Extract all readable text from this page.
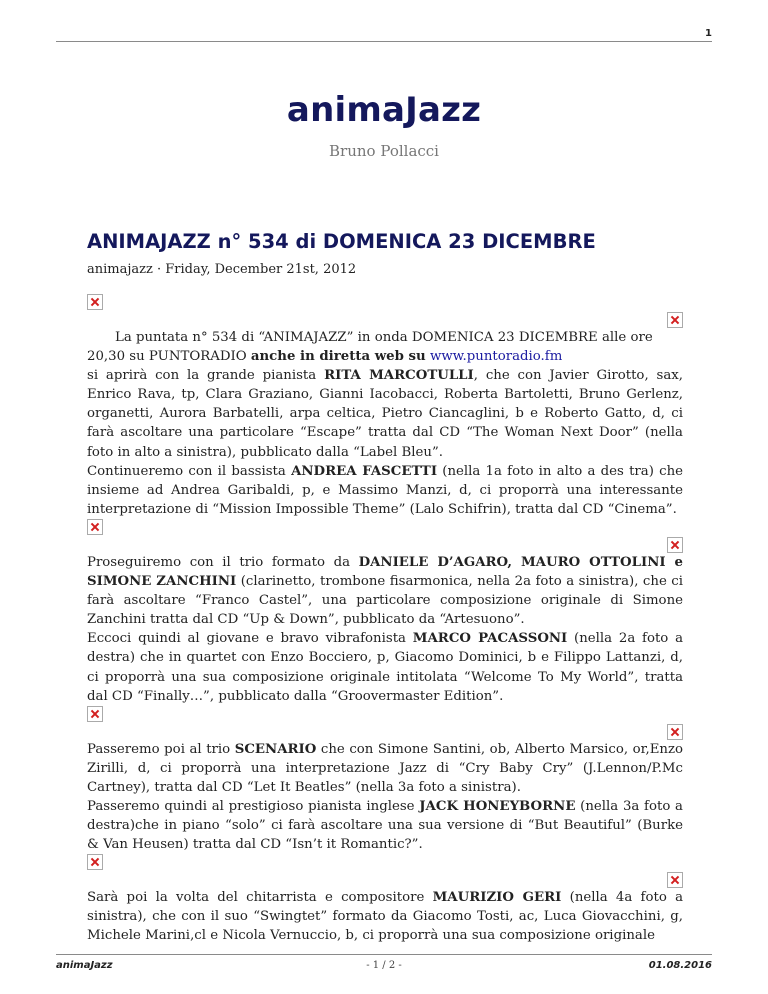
1
animaJazz
Bruno Pollacci
ANIMAJAZZ n° 534 di DOMENICA 23 DICEMBRE
animajazz · Friday, December 21st, 2012

La puntata n° 534 di “ANIMAJAZZ” in onda DOMENICA 23 DICEMBRE alle ore 20,30 su PUNTORADIO anche in diretta web su www.puntoradio.fm

si aprirà con la grande pianista RITA MARCOTULLI, che con Javier Girotto, sax, Enrico Rava, tp, Clara Graziano, Gianni Iacobacci, Roberta Bartoletti, Bruno Gerlenz, organetti, Aurora Barbatelli, arpa celtica, Pietro Ciancaglini, b e Roberto Gatto, d, ci farà ascoltare una particolare “Escape” tratta dal CD “The Woman Next Door” (nella foto in alto a sinistra), pubblicato dalla “Label Bleu”.

Continueremo con il bassista ANDREA FASCETTI (nella 1a foto in alto a des tra) che insieme ad Andrea Garibaldi, p, e Massimo Manzi, d, ci proporrà una interessante interpretazione di “Mission Impossible Theme” (Lalo Schifrin), tratta dal CD “Cinema”.

Proseguiremo con il trio formato da DANIELE D’AGARO, MAURO OTTOLINI e SIMONE ZANCHINI (clarinetto, trombone fisarmonica, nella 2a foto a sinistra), che ci farà ascoltare “Franco Castel”, una particolare composizione originale di Simone Zanchini tratta dal CD “Up & Down”, pubblicato da “Artesuono”.

Eccoci quindi al giovane e bravo vibrafonista MARCO PACASSONI (nella 2a foto a destra) che in quartet con Enzo Bocciero, p, Giacomo Dominici, b e Filippo Lattanzi, d, ci proporrà una sua composizione originale intitolata “Welcome To My World”, tratta dal CD “Finally…”, pubblicato dalla “Groovermaster Edition”.

Passeremo poi al trio SCENARIO che con Simone Santini, ob, Alberto Marsico, or,Enzo Zirilli, d, ci proporrà una interpretazione Jazz di “Cry Baby Cry” (J.Lennon/P.Mc Cartney), tratta dal CD “Let It Beatles” (nella 3a foto a sinistra).

Passeremo quindi al prestigioso pianista inglese JACK HONEYBORNE (nella 3a foto a destra)che in piano “solo” ci farà ascoltare una sua versione di “But Beautiful” (Burke & Van Heusen) tratta dal CD “Isn’t it Romantic?”.

Sarà poi la volta del chitarrista e compositore MAURIZIO GERI (nella 4a foto a sinistra), che con il suo “Swingtet” formato da Giacomo Tosti, ac, Luca Giovacchini, g, Michele Marini,cl e Nicola Vernuccio, b, ci proporrà una sua composizione originale

animaJazz	- 1 / 2 -	01.08.2016
